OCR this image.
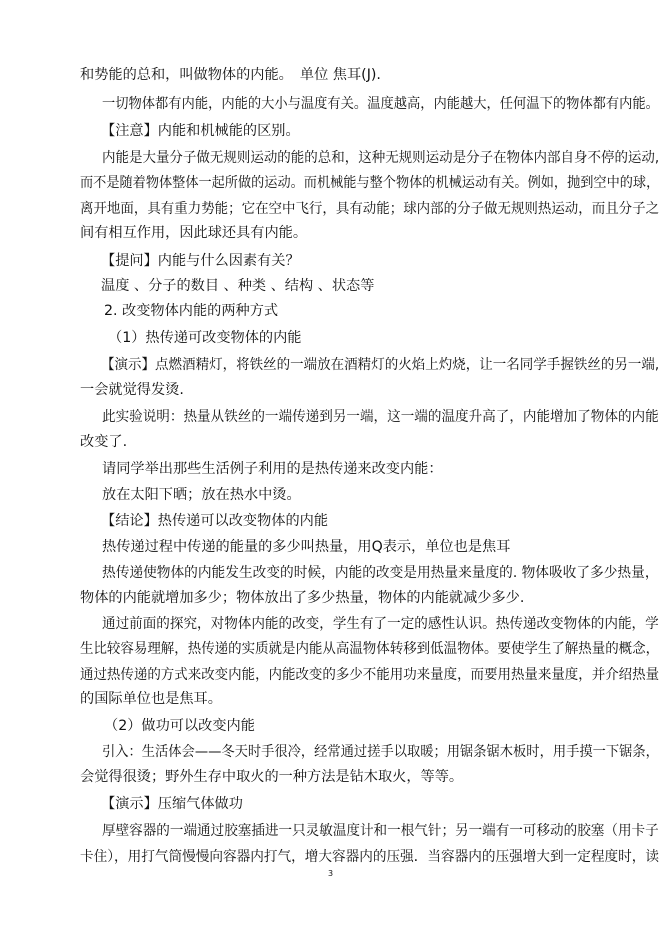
和势能的总和，叫做物体的内能。　单位 焦耳(J).
一切物体都有内能，内能的大小与温度有关。温度越高，内能越大，任何温下的物体都有内能。
【注意】内能和机械能的区别。
内能是大量分子做无规则运动的能的总和，这种无规则运动是分子在物体内部自身不停的运动,
而不是随着物体整体一起所做的运动。而机械能与整个物体的机械运动有关。例如，抛到空中的球，
离开地面，具有重力势能；它在空中飞行，具有动能；球内部的分子做无规则热运动，而且分子之
间有相互作用，因此球还具有内能。
【提问】内能与什么因素有关？
温度 、分子的数目 、种类 、结构 、状态等
2. 改变物体内能的两种方式
（1）热传递可改变物体的内能
【演示】点燃酒精灯，将铁丝的一端放在酒精灯的火焰上灼烧，让一名同学手握铁丝的另一端,
一会就觉得发烫.
此实验说明：热量从铁丝的一端传递到另一端，这一端的温度升高了，内能增加了物体的内能
改变了.
请同学举出那些生活例子利用的是热传递来改变内能：
放在太阳下晒；放在热水中烫。
【结论】热传递可以改变物体的内能
热传递过程中传递的能量的多少叫热量，用Q表示，单位也是焦耳
热传递使物体的内能发生改变的时候，内能的改变是用热量来量度的. 物体吸收了多少热量，
物体的内能就增加多少；物体放出了多少热量，物体的内能就减少多少.
通过前面的探究，对物体内能的改变，学生有了一定的感性认识。热传递改变物体的内能，学
生比较容易理解，热传递的实质就是内能从高温物体转移到低温物体。要使学生了解热量的概念，
通过热传递的方式来改变内能，内能改变的多少不能用功来量度，而要用热量来量度，并介绍热量
的国际单位也是焦耳。
（2）做功可以改变内能
引入：生活体会——冬天时手很冷，经常通过搓手以取暖；用锯条锯木板时，用手摸一下锯条，
会觉得很烫；野外生存中取火的一种方法是钻木取火，等等。
【演示】压缩气体做功
厚壁容器的一端通过胶塞插进一只灵敏温度计和一根气针；另一端有一可移动的胶塞（用卡子
卡住），用打气筒慢慢向容器内打气，增大容器内的压强．当容器内的压强增大到一定程度时，读
3
